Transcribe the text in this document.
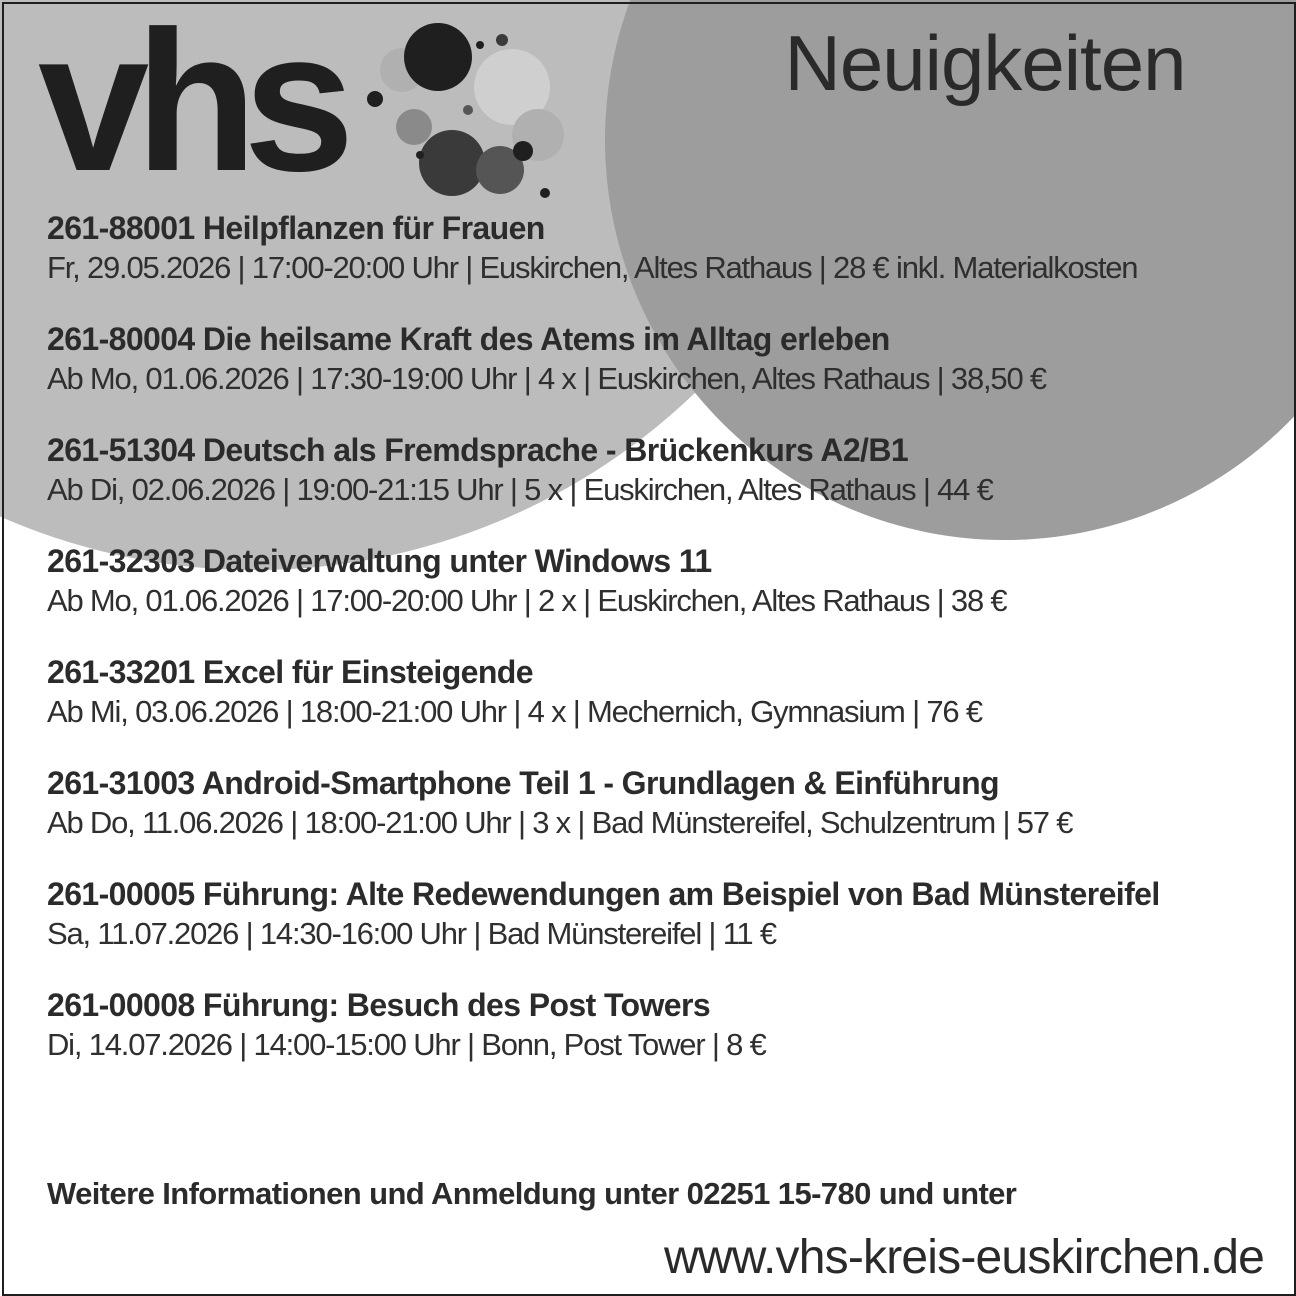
vhs	Neuigkeiten
261-88001 Heilpflanzen für Frauen
Fr, 29.05.2026 | 17:00-20:00 Uhr | Euskirchen, Altes Rathaus | 28 € inkl. Materialkosten
261-80004 Die heilsame Kraft des Atems im Alltag erleben
Ab Mo, 01.06.2026 | 17:30-19:00 Uhr | 4 x | Euskirchen, Altes Rathaus | 38,50 €
261-51304 Deutsch als Fremdsprache - Brückenkurs A2/B1
Ab Di, 02.06.2026 | 19:00-21:15 Uhr | 5 x | Euskirchen, Altes Rathaus | 44 €
261-32303 Dateiverwaltung unter Windows 11
Ab Mo, 01.06.2026 | 17:00-20:00 Uhr | 2 x | Euskirchen, Altes Rathaus | 38 €
261-33201 Excel für Einsteigende
Ab Mi, 03.06.2026 | 18:00-21:00 Uhr | 4 x | Mechernich, Gymnasium | 76 €
261-31003 Android-Smartphone Teil 1 - Grundlagen & Einführung
Ab Do, 11.06.2026 | 18:00-21:00 Uhr | 3 x | Bad Münstereifel, Schulzentrum | 57 €
261-00005 Führung: Alte Redewendungen am Beispiel von Bad Münstereifel
Sa, 11.07.2026 | 14:30-16:00 Uhr | Bad Münstereifel | 11 €
261-00008 Führung: Besuch des Post Towers
Di, 14.07.2026 | 14:00-15:00 Uhr | Bonn, Post Tower | 8 €
Weitere Informationen und Anmeldung unter 02251 15-780 und unter
www.vhs-kreis-euskirchen.de
